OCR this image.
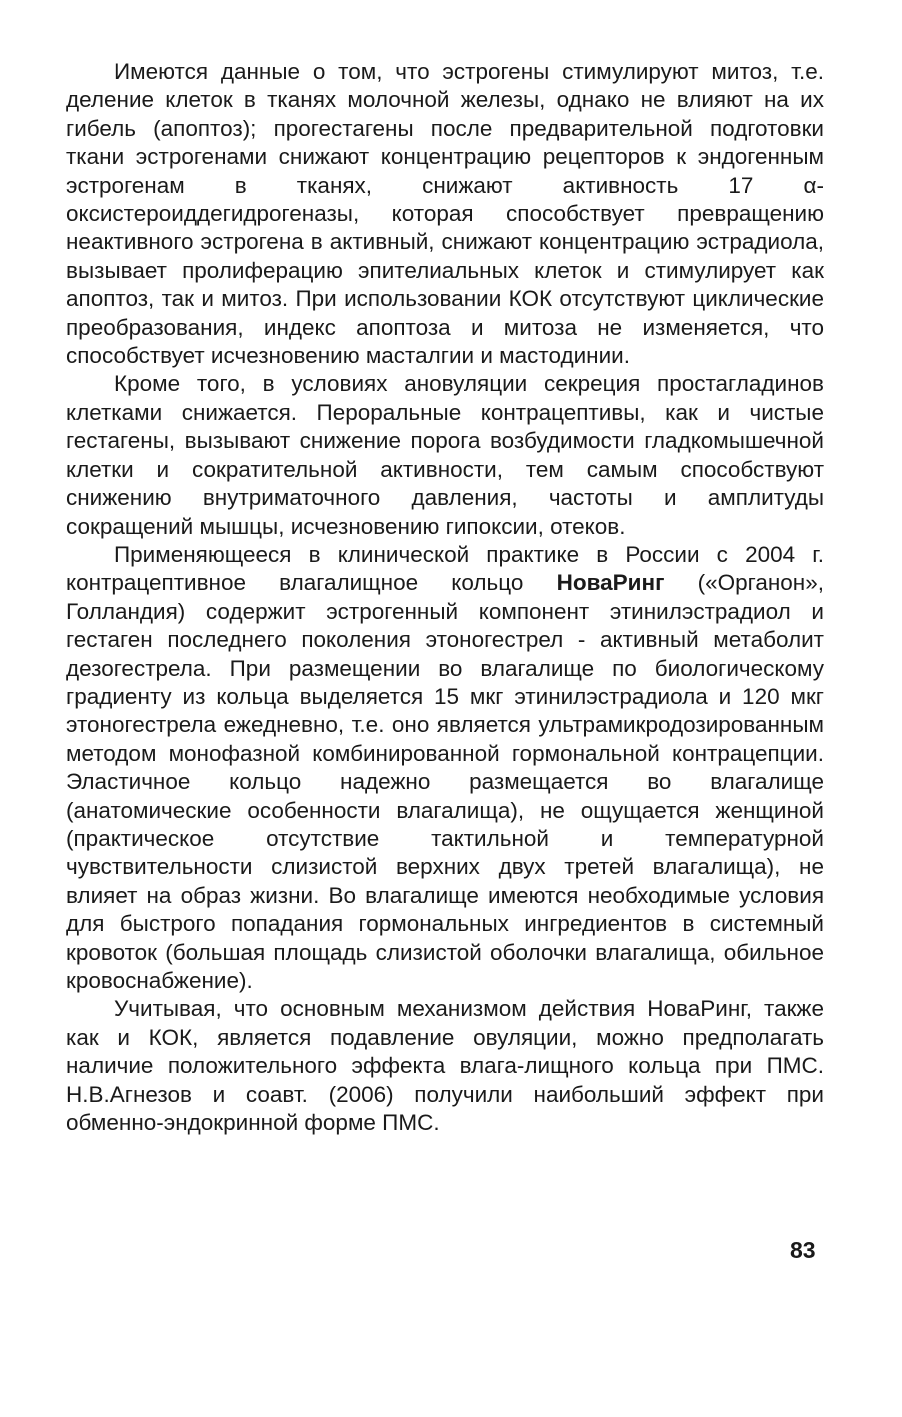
Имеются данные о том, что эстрогены стимулируют митоз, т.е. деление клеток в тканях молочной железы, однако не влияют на их гибель (апоптоз); прогестагены после предварительной подготовки ткани эстрогенами снижают концентрацию рецепторов к эндогенным эстрогенам в тканях, снижают активность 17 α-оксистероиддегидрогеназы, которая способствует превращению неактивного эстрогена в активный, снижают концентрацию эстрадиола, вызывает пролиферацию эпителиальных клеток и стимулирует как апоптоз, так и митоз. При использовании КОК отсутствуют циклические преобразования, индекс апоптоза и митоза не изменяется, что способствует исчезновению масталгии и мастодинии.

Кроме того, в условиях ановуляции секреция простагладинов клетками снижается. Пероральные контрацептивы, как и чистые гестагены, вызывают снижение порога возбудимости гладкомышечной клетки и сократительной активности, тем самым способствуют снижению внутриматочного давления, частоты и амплитуды сокращений мышцы, исчезновению гипоксии, отеков.

Применяющееся в клинической практике в России с 2004 г. контрацептивное влагалищное кольцо НоваРинг («Органон», Голландия) содержит эстрогенный компонент этинилэстрадиол и гестаген последнего поколения этоногестрел - активный метаболит дезогестрела. При размещении во влагалище по биологическому градиенту из кольца выделяется 15 мкг этинилэстрадиола и 120 мкг этоногестрела ежедневно, т.е. оно является ультрамикродозированным методом монофазной комбинированной гормональной контрацепции. Эластичное кольцо надежно размещается во влагалище (анатомические особенности влагалища), не ощущается женщиной (практическое отсутствие тактильной и температурной чувствительности слизистой верхних двух третей влагалища), не влияет на образ жизни. Во влагалище имеются необходимые условия для быстрого попадания гормональных ингредиентов в системный кровоток (большая площадь слизистой оболочки влагалища, обильное кровоснабжение).

Учитывая, что основным механизмом действия НоваРинг, также как и КОК, является подавление овуляции, можно предполагать наличие положительного эффекта влага-лищного кольца при ПМС. Н.В.Агнезов и соавт. (2006) получили наибольший эффект при обменно-эндокринной форме ПМС.

83
